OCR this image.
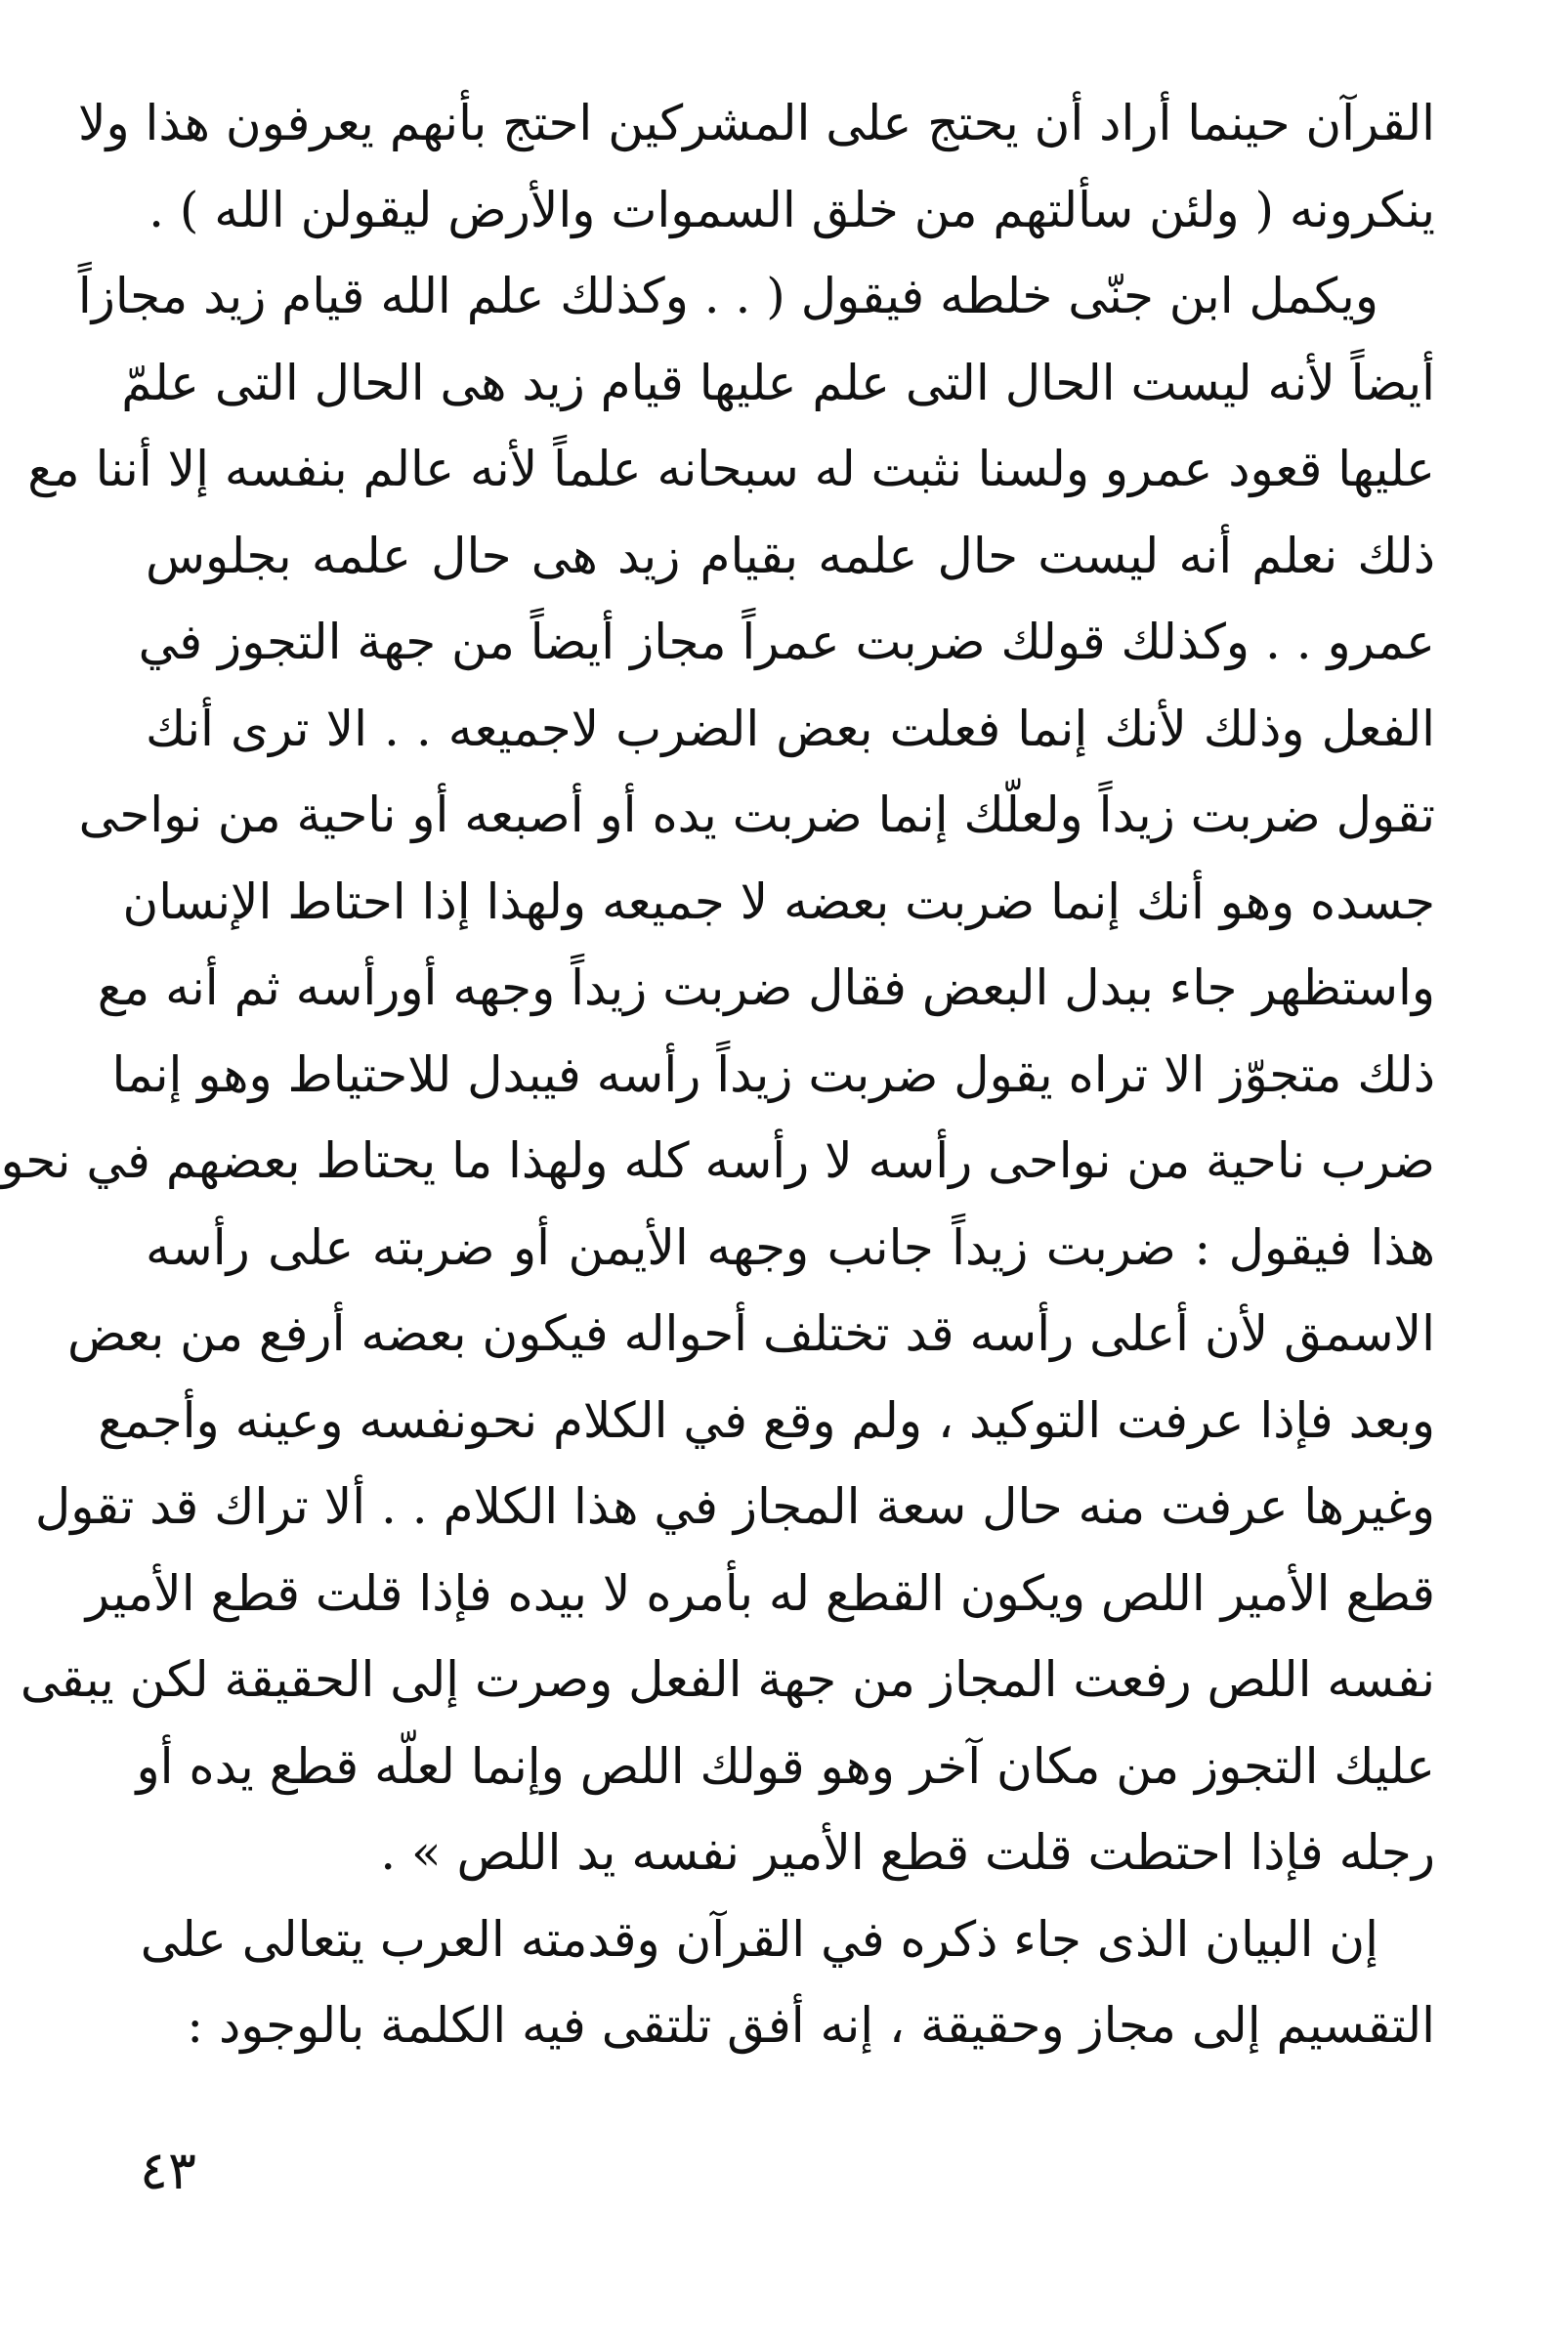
القرآن حينما أراد أن يحتج على المشركين احتج بأنهم يعرفون هذا ولا
ينكرونه ( ولئن سألتهم من خلق السموات والأرض ليقولن الله ) .
ويكمل ابن جنّى خلطه فيقول ( . . وكذلك علم الله قيام زيد مجازاً
أيضاً لأنه ليست الحال التى علم عليها قيام زيد هى الحال التى علمّ
عليها قعود عمرو ولسنا نثبت له سبحانه علماً لأنه عالم بنفسه إلا أننا مع
ذلك نعلم أنه ليست حال علمه بقيام زيد هى حال علمه بجلوس
عمرو . . وكذلك قولك ضربت عمراً مجاز أيضاً من جهة التجوز في
الفعل وذلك لأنك إنما فعلت بعض الضرب لاجميعه . . الا ترى أنك
تقول ضربت زيداً ولعلّك إنما ضربت يده أو أصبعه أو ناحية من نواحى
جسده وهو أنك إنما ضربت بعضه لا جميعه ولهذا إذا احتاط الإنسان
واستظهر جاء ببدل البعض فقال ضربت زيداً وجهه أورأسه ثم أنه مع
ذلك متجوّز الا تراه يقول ضربت زيداً رأسه فيبدل للاحتياط وهو إنما
ضرب ناحية من نواحى رأسه لا رأسه كله ولهذا ما يحتاط بعضهم في نحو
هذا فيقول : ضربت زيداً جانب وجهه الأيمن أو ضربته على رأسه
الاسمق لأن أعلى رأسه قد تختلف أحواله فيكون بعضه أرفع من بعض
وبعد فإذا عرفت التوكيد ، ولم وقع في الكلام نحونفسه وعينه وأجمع
وغيرها عرفت منه حال سعة المجاز في هذا الكلام . . ألا تراك قد تقول
قطع الأمير اللص ويكون القطع له بأمره لا بيده فإذا قلت قطع الأمير
نفسه اللص رفعت المجاز من جهة الفعل وصرت إلى الحقيقة لكن يبقى
عليك التجوز من مكان آخر وهو قولك اللص وإنما لعلّه قطع يده أو
رجله فإذا احتطت قلت قطع الأمير نفسه يد اللص » .
إن البيان الذى جاء ذكره في القرآن وقدمته العرب يتعالى على
التقسيم إلى مجاز وحقيقة ، إنه أفق تلتقى فيه الكلمة بالوجود :
٤٣
